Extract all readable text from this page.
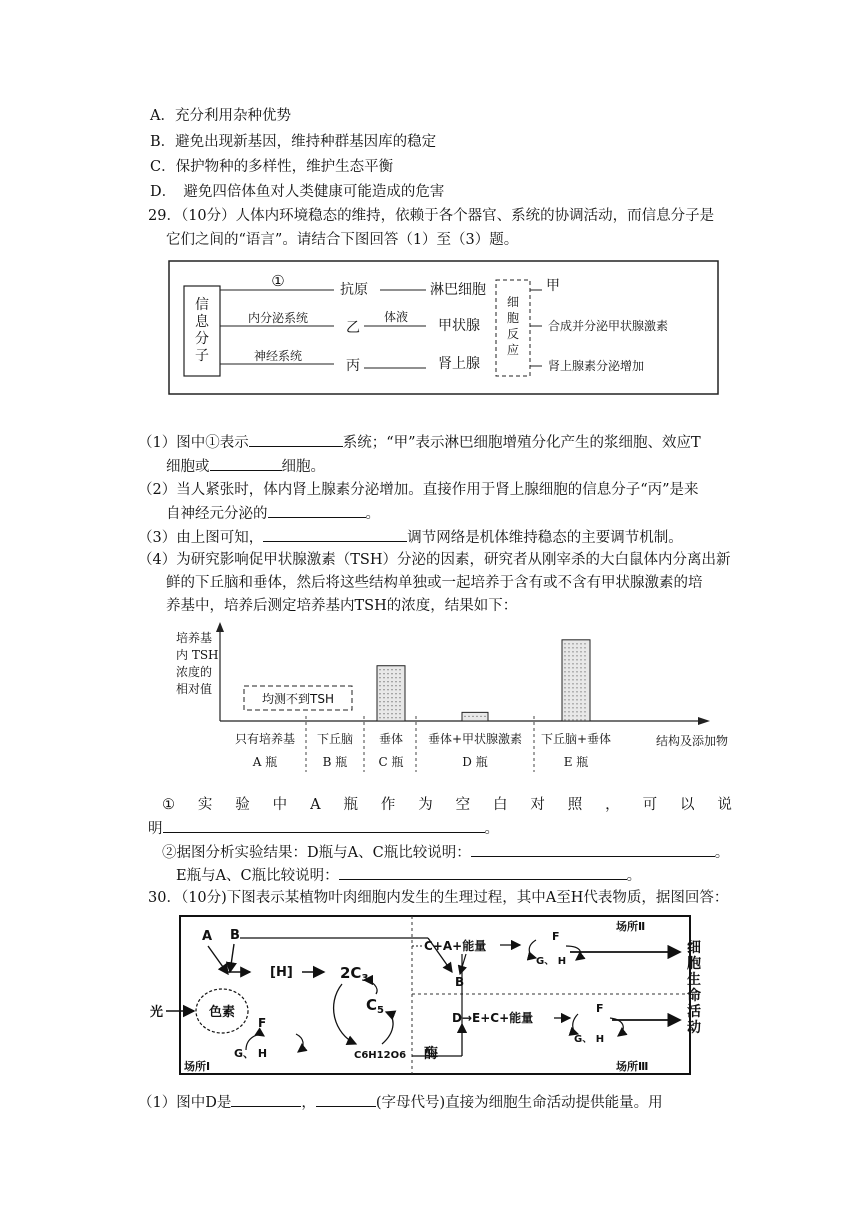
A．充分利用杂种优势
B．避免出现新基因，维持种群基因库的稳定
C．保护物种的多样性，维护生态平衡
D．　避免四倍体鱼对人类健康可能造成的危害
29．（10分）人体内环境稳态的维持，依赖于各个器官、系统的协调活动，而信息分子是
它们之间的“语言”。请结合下图回答（1）至（3）题。
信
息
分
子
①
内分泌系统
神经系统
抗原
乙
丙
体液
淋巴细胞
甲状腺
肾上腺
细
胞
反
应
甲
合成并分泌甲状腺激素
肾上腺素分泌增加
（1）图中①表示	系统；“甲”表示淋巴细胞增殖分化产生的浆细胞、效应T
细胞或	细胞。
（2）当人紧张时，体内肾上腺素分泌增加。直接作用于肾上腺细胞的信息分子“丙”是来
自神经元分泌的	。
（3）由上图可知，	调节网络是机体维持稳态的主要调节机制。
（4）为研究影响促甲状腺激素（TSH）分泌的因素，研究者从刚宰杀的大白鼠体内分离出新
鲜的下丘脑和垂体，然后将这些结构单独或一起培养于含有或不含有甲状腺激素的培
养基中，培养后测定培养基内TSH的浓度，结果如下：
培养基
内 TSH
浓度的
相对值
均测不到TSH
只有培养基 下丘脑 垂体 垂体+甲状腺激素 下丘脑+垂体
A 瓶	B 瓶	C 瓶	D 瓶	E 瓶
结构及添加物
① 实 验 中 A 瓶 作 为 空 白 对 照 ， 可 以 说
明	。
②据图分析实验结果：D瓶与A、C瓶比较说明：	。
E瓶与A、C瓶比较说明：	。
30．（10分)下图表示某植物叶肉细胞内发生的生理过程，其中A至H代表物质，据图回答：
光	色素
A B
B
[H]	$2C_3$
$C_5$
C6H12O6 酶
F
G、 H
场所Ⅰ
C+A+能量
F
G、 H
场所Ⅱ
D→E+C+能量
F
G、 H
场所Ⅲ
细
胞
生
命
活
动
（1）图中D是	，	(字母代号)直接为细胞生命活动提供能量。用
